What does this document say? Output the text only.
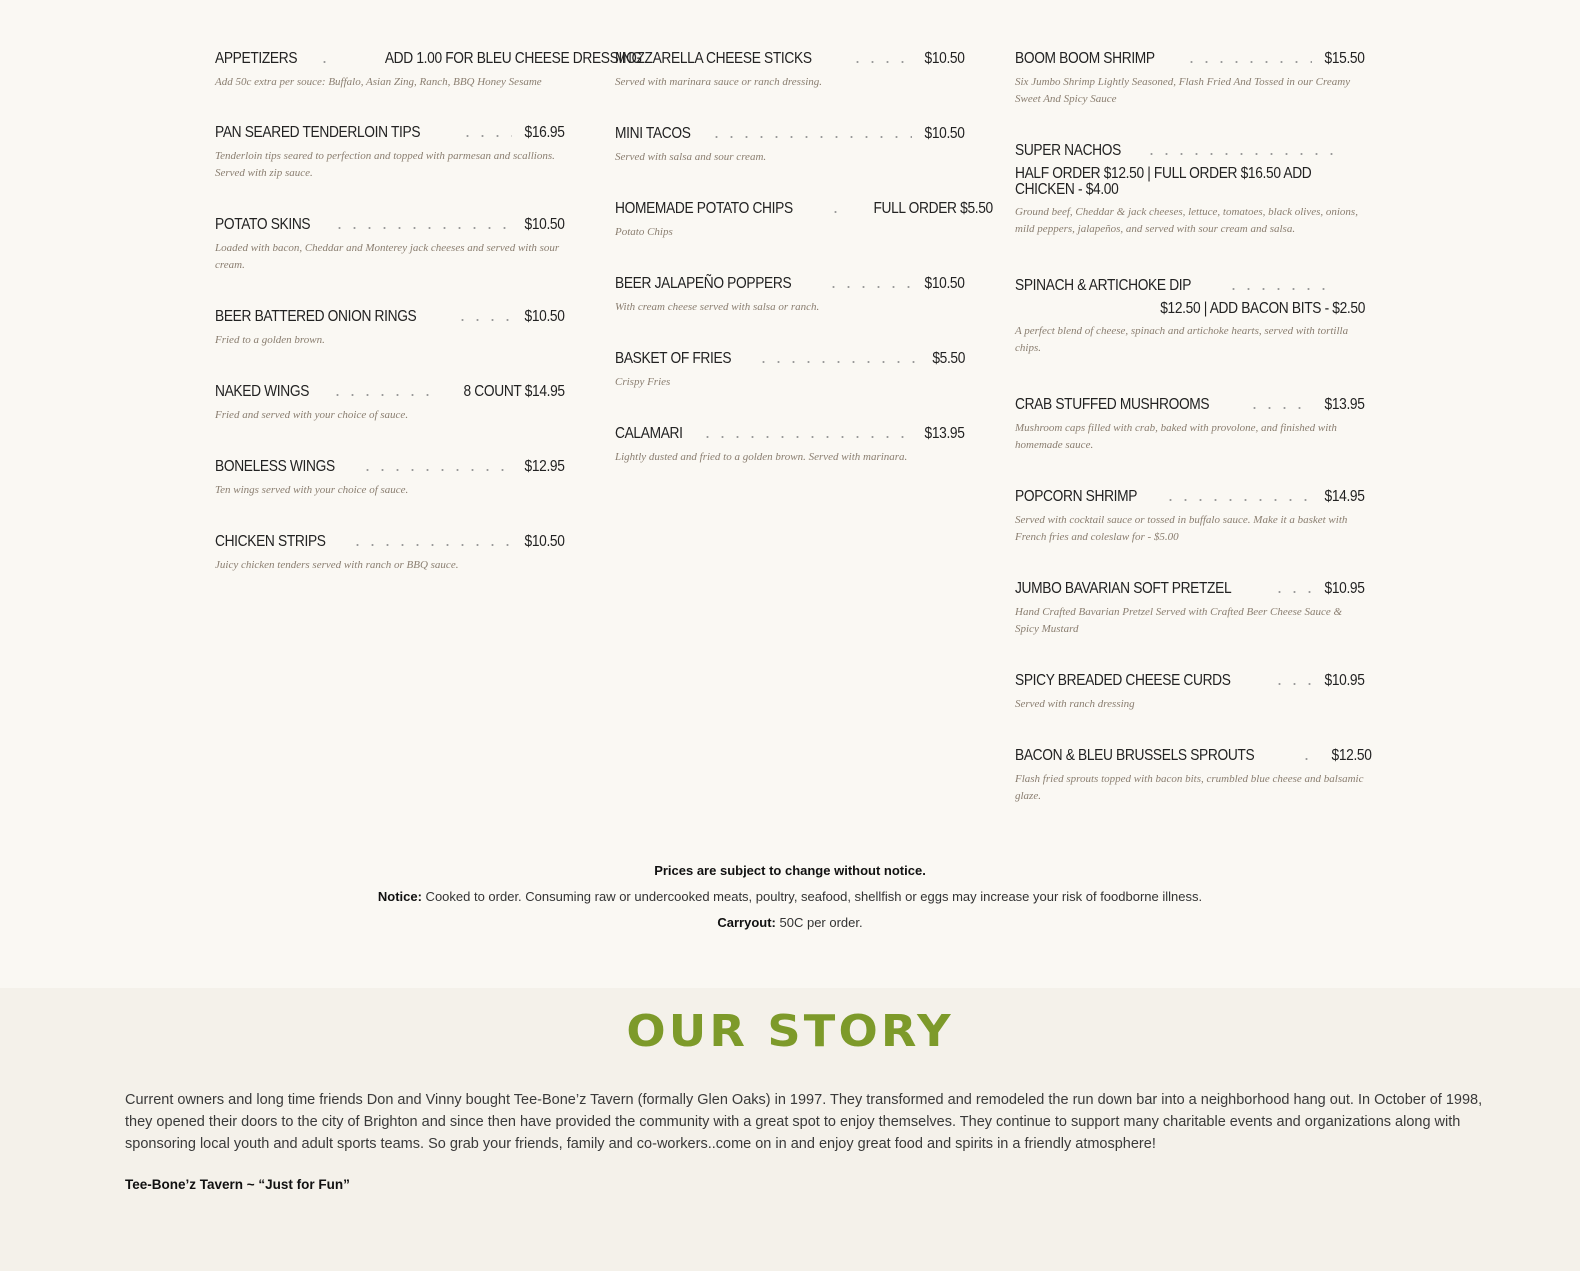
APPETIZERS	ADD 1.00 FOR BLEU CHEESE DRESSING
Add 50c extra per souce: Buffalo, Asian Zing, Ranch, BBQ Honey Sesame
PAN SEARED TENDERLOIN TIPS	$16.95
Tenderloin tips seared to perfection and topped with parmesan and scallions. Served with zip sauce.
POTATO SKINS	$10.50
Loaded with bacon, Cheddar and Monterey jack cheeses and served with sour cream.
BEER BATTERED ONION RINGS	$10.50
Fried to a golden brown.
NAKED WINGS	8 COUNT $14.95
Fried and served with your choice of sauce.
BONELESS WINGS	$12.95
Ten wings served with your choice of sauce.
CHICKEN STRIPS	$10.50
Juicy chicken tenders served with ranch or BBQ sauce.
MOZZARELLA CHEESE STICKS	$10.50
Served with marinara sauce or ranch dressing.
MINI TACOS	$10.50
Served with salsa and sour cream.
HOMEMADE POTATO CHIPS	FULL ORDER $5.50
Potato Chips
BEER JALAPEÑO POPPERS	$10.50
With cream cheese served with salsa or ranch.
BASKET OF FRIES	$5.50
Crispy Fries
CALAMARI	$13.95
Lightly dusted and fried to a golden brown. Served with marinara.
BOOM BOOM SHRIMP	$15.50
Six Jumbo Shrimp Lightly Seasoned, Flash Fried And Tossed in our Creamy Sweet And Spicy Sauce
SUPER NACHOS
HALF ORDER $12.50 | FULL ORDER $16.50 ADD CHICKEN - $4.00
Ground beef, Cheddar & jack cheeses, lettuce, tomatoes, black olives, onions, mild peppers, jalapeños, and served with sour cream and salsa.
SPINACH & ARTICHOKE DIP
$12.50 | ADD BACON BITS - $2.50
A perfect blend of cheese, spinach and artichoke hearts, served with tortilla chips.
CRAB STUFFED MUSHROOMS	$13.95
Mushroom caps filled with crab, baked with provolone, and finished with homemade sauce.
POPCORN SHRIMP	$14.95
Served with cocktail sauce or tossed in buffalo sauce. Make it a basket with French fries and coleslaw for - $5.00
JUMBO BAVARIAN SOFT PRETZEL	$10.95
Hand Crafted Bavarian Pretzel Served with Crafted Beer Cheese Sauce & Spicy Mustard
SPICY BREADED CHEESE CURDS	$10.95
Served with ranch dressing
BACON & BLEU BRUSSELS SPROUTS	$12.50
Flash fried sprouts topped with bacon bits, crumbled blue cheese and balsamic glaze.

Prices are subject to change without notice.

Notice: Cooked to order. Consuming raw or undercooked meats, poultry, seafood, shellfish or eggs may increase your risk of foodborne illness.

Carryout: 50C per order.

OUR STORY

Current owners and long time friends Don and Vinny bought Tee-Bone’z Tavern (formally Glen Oaks) in 1997. They transformed and remodeled the run down bar into a neighborhood hang out. In October of 1998, they opened their doors to the city of Brighton and since then have provided the community with a great spot to enjoy themselves. They continue to support many charitable events and organizations along with sponsoring local youth and adult sports teams. So grab your friends, family and co-workers..come on in and enjoy great food and spirits in a friendly atmosphere!

Tee-Bone’z Tavern ~ “Just for Fun”
